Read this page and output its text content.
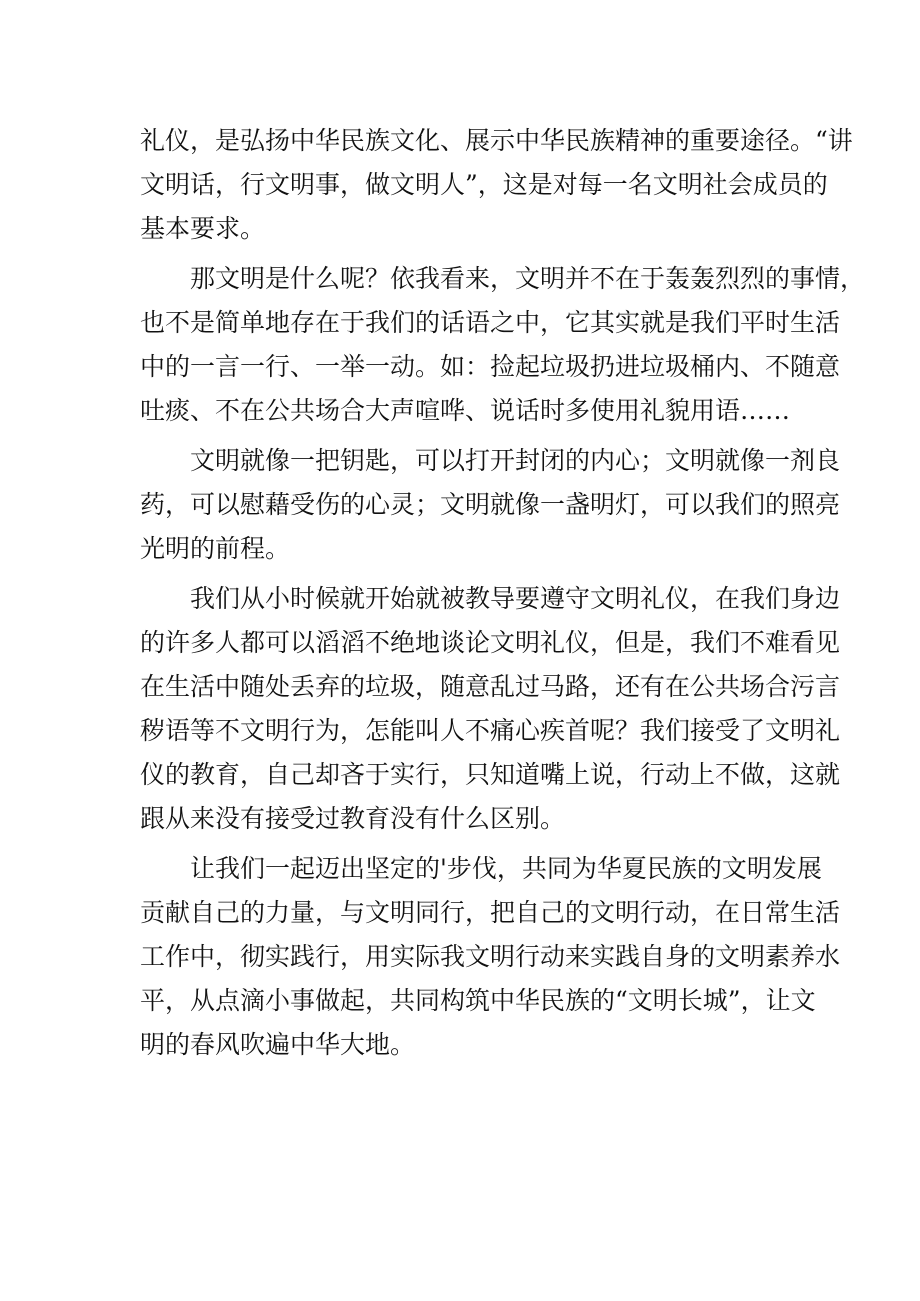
礼仪，是弘扬中华民族文化、展示中华民族精神的重要途径。“讲
文明话，行文明事，做文明人”，这是对每一名文明社会成员的
基本要求。
那文明是什么呢？依我看来，文明并不在于轰轰烈烈的事情，
也不是简单地存在于我们的话语之中，它其实就是我们平时生活
中的一言一行、一举一动。如：捡起垃圾扔进垃圾桶内、不随意
吐痰、不在公共场合大声喧哗、说话时多使用礼貌用语……
文明就像一把钥匙，可以打开封闭的内心；文明就像一剂良
药，可以慰藉受伤的心灵；文明就像一盏明灯，可以我们的照亮
光明的前程。
我们从小时候就开始就被教导要遵守文明礼仪，在我们身边
的许多人都可以滔滔不绝地谈论文明礼仪，但是，我们不难看见
在生活中随处丢弃的垃圾，随意乱过马路，还有在公共场合污言
秽语等不文明行为，怎能叫人不痛心疾首呢？我们接受了文明礼
仪的教育，自己却吝于实行，只知道嘴上说，行动上不做，这就
跟从来没有接受过教育没有什么区别。
让我们一起迈出坚定的'步伐，共同为华夏民族的文明发展
贡献自己的力量，与文明同行，把自己的文明行动，在日常生活
工作中，彻实践行，用实际我文明行动来实践自身的文明素养水
平，从点滴小事做起，共同构筑中华民族的“文明长城”，让文
明的春风吹遍中华大地。
